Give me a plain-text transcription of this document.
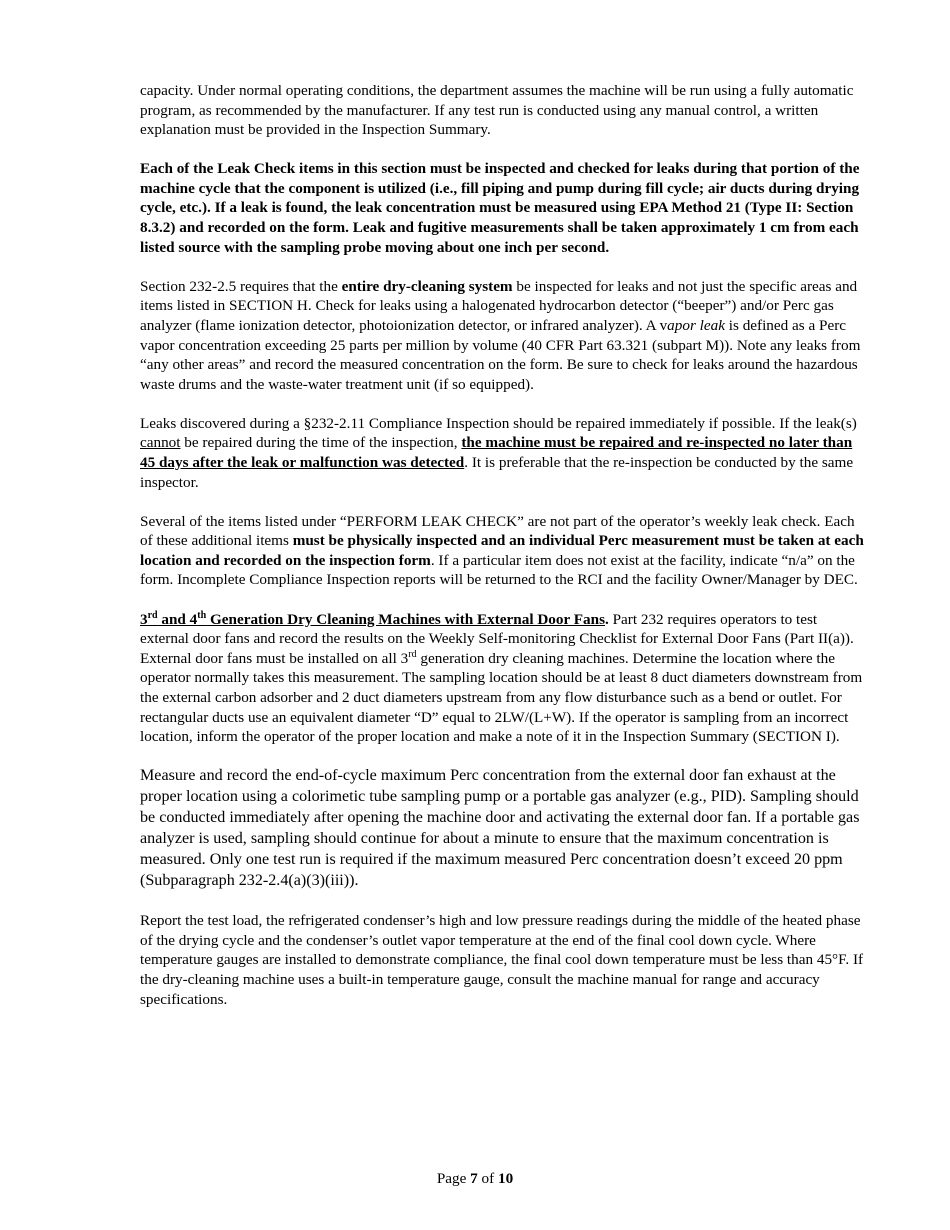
capacity. Under normal operating conditions, the department assumes the machine will be run using a fully automatic program, as recommended by the manufacturer. If any test run is conducted using any manual control, a written explanation must be provided in the Inspection Summary.

Each of the Leak Check items in this section must be inspected and checked for leaks during that portion of the machine cycle that the component is utilized (i.e., fill piping and pump during fill cycle; air ducts during drying cycle, etc.). If a leak is found, the leak concentration must be measured using EPA Method 21 (Type II: Section 8.3.2) and recorded on the form. Leak and fugitive measurements shall be taken approximately 1 cm from each listed source with the sampling probe moving about one inch per second.

Section 232-2.5 requires that the entire dry-cleaning system be inspected for leaks and not just the specific areas and items listed in SECTION H. Check for leaks using a halogenated hydrocarbon detector (“beeper”) and/or Perc gas analyzer (flame ionization detector, photoionization detector, or infrared analyzer). A vapor leak is defined as a Perc vapor concentration exceeding 25 parts per million by volume (40 CFR Part 63.321 (subpart M)). Note any leaks from “any other areas” and record the measured concentration on the form. Be sure to check for leaks around the hazardous waste drums and the waste-water treatment unit (if so equipped).

Leaks discovered during a §232-2.11 Compliance Inspection should be repaired immediately if possible. If the leak(s) cannot be repaired during the time of the inspection, the machine must be repaired and re-inspected no later than 45 days after the leak or malfunction was detected. It is preferable that the re-inspection be conducted by the same inspector.

Several of the items listed under “PERFORM LEAK CHECK” are not part of the operator’s weekly leak check. Each of these additional items must be physically inspected and an individual Perc measurement must be taken at each location and recorded on the inspection form. If a particular item does not exist at the facility, indicate “n/a” on the form. Incomplete Compliance Inspection reports will be returned to the RCI and the facility Owner/Manager by DEC.

3rd and 4th Generation Dry Cleaning Machines with External Door Fans. Part 232 requires operators to test external door fans and record the results on the Weekly Self-monitoring Checklist for External Door Fans (Part II(a)). External door fans must be installed on all 3rd generation dry cleaning machines. Determine the location where the operator normally takes this measurement. The sampling location should be at least 8 duct diameters downstream from the external carbon adsorber and 2 duct diameters upstream from any flow disturbance such as a bend or outlet. For rectangular ducts use an equivalent diameter “D” equal to 2LW/(L+W). If the operator is sampling from an incorrect location, inform the operator of the proper location and make a note of it in the Inspection Summary (SECTION I).

Measure and record the end-of-cycle maximum Perc concentration from the external door fan exhaust at the proper location using a colorimetic tube sampling pump or a portable gas analyzer (e.g., PID). Sampling should be conducted immediately after opening the machine door and activating the external door fan. If a portable gas analyzer is used, sampling should continue for about a minute to ensure that the maximum concentration is measured. Only one test run is required if the maximum measured Perc concentration doesn’t exceed 20 ppm (Subparagraph 232-2.4(a)(3)(iii)).

Report the test load, the refrigerated condenser’s high and low pressure readings during the middle of the heated phase of the drying cycle and the condenser’s outlet vapor temperature at the end of the final cool down cycle. Where temperature gauges are installed to demonstrate compliance, the final cool down temperature must be less than 45°F. If the dry-cleaning machine uses a built-in temperature gauge, consult the machine manual for range and accuracy specifications.

Page 7 of 10
